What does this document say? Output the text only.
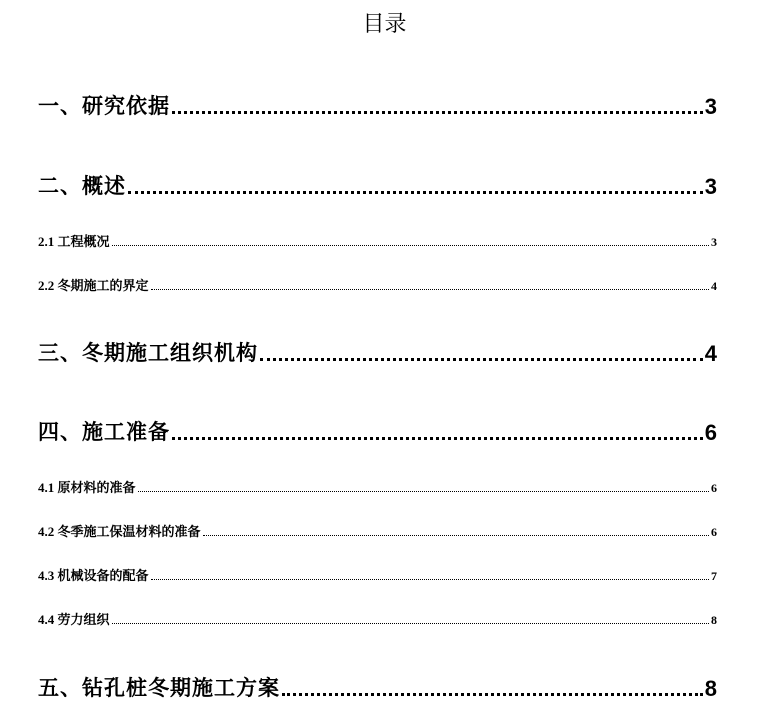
目录
一、研究依据	3
二、概述	3
2.1 工程概况	3
2.2 冬期施工的界定	4
三、冬期施工组织机构	4
四、施工准备	6
4.1 原材料的准备	6
4.2 冬季施工保温材料的准备	6
4.3 机械设备的配备	7
4.4 劳力组织	8
五、钻孔桩冬期施工方案	8
